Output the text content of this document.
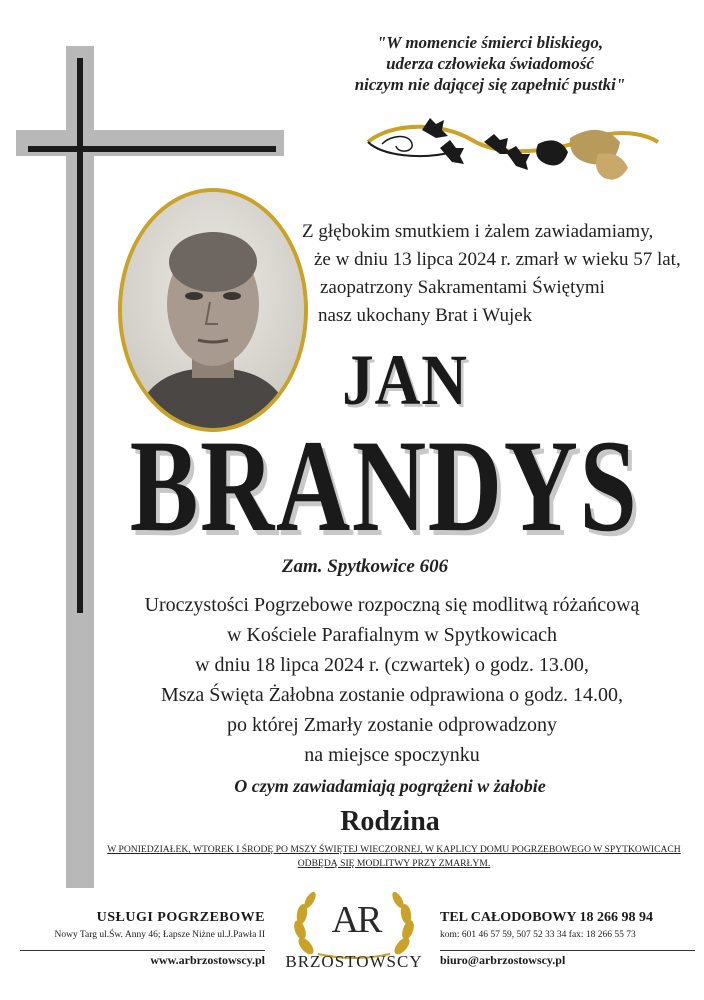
"W momencie śmierci bliskiego,
uderza człowieka świadomość
niczym nie dającej się zapełnić pustki"
Z głębokim smutkiem i żalem zawiadamiamy,
że w dniu 13 lipca 2024 r. zmarł w wieku 57 lat,
zaopatrzony Sakramentami Świętymi
nasz ukochany Brat i Wujek
JAN
BRANDYS
Zam. Spytkowice 606
Uroczystości Pogrzebowe rozpoczną się modlitwą różańcową
w Kościele Parafialnym w Spytkowicach
w dniu 18 lipca 2024 r. (czwartek) o godz. 13.00,
Msza Święta Żałobna zostanie odprawiona o godz. 14.00,
po której Zmarły zostanie odprowadzony
na miejsce spoczynku
O czym zawiadamiają pogrążeni w żałobie
Rodzina
W PONIEDZIAŁEK, WTOREK I ŚRODĘ PO MSZY ŚWIĘTEJ WIECZORNEJ, W KAPLICY DOMU POGRZEBOWEGO W SPYTKOWICACH
ODBĘDĄ SIĘ MODLITWY PRZY ZMARŁYM.
USŁUGI POGRZEBOWE
Nowy Targ ul.Św. Anny 46; Łapsze Niżne ul.J.Pawła II
www.arbrzostowscy.pl
AR
BRZOSTOWSCY
TEL CAŁODOBOWY 18 266 98 94
kom: 601 46 57 59, 507 52 33 34 fax: 18 266 55 73
biuro@arbrzostowscy.pl
